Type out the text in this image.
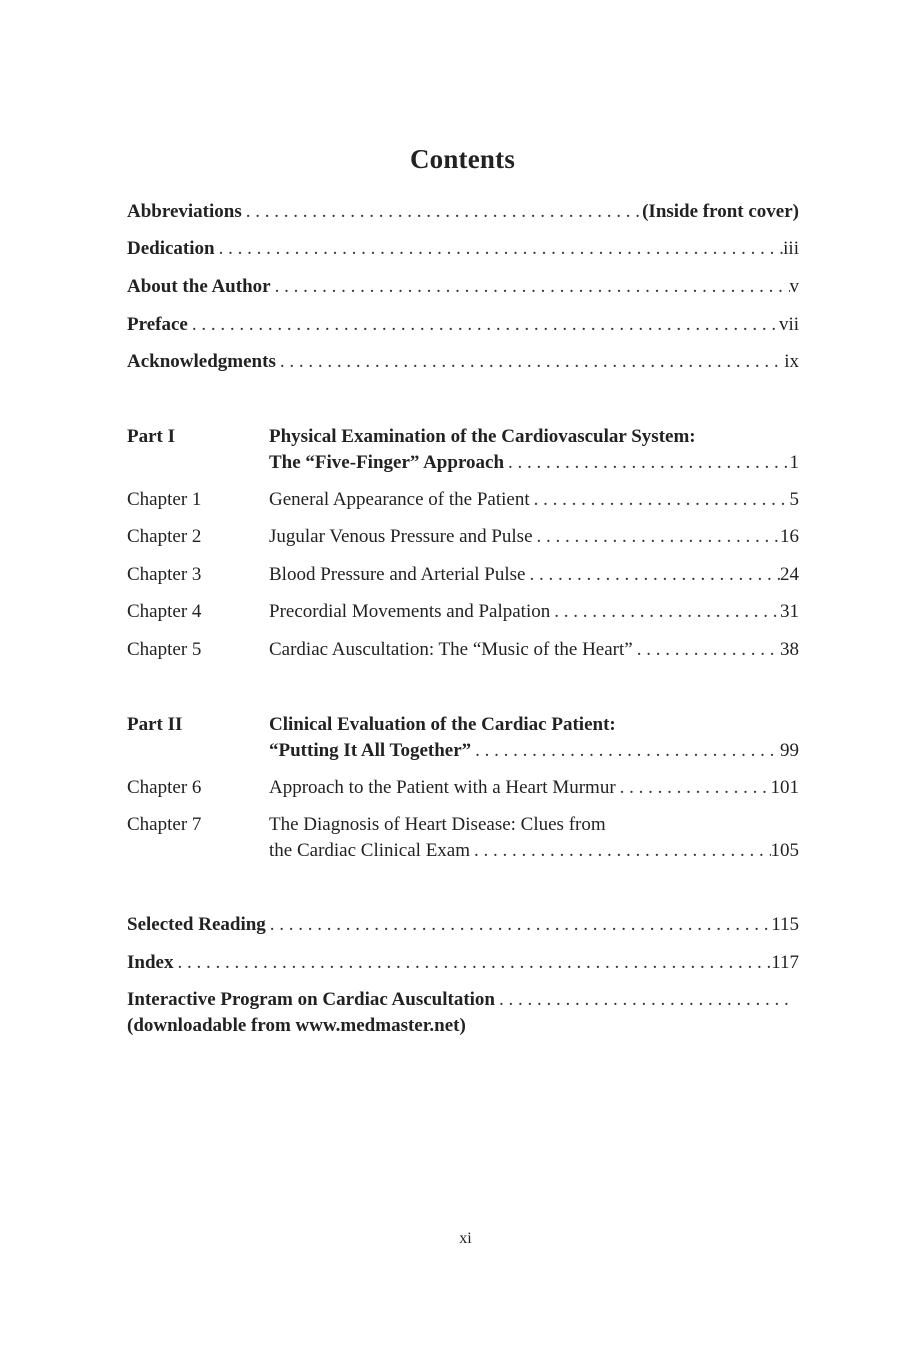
Contents
Abbreviations . . .	(Inside front cover)
Dedication . . .	iii
About the Author . . .	v
Preface . . .	vii
Acknowledgments . . .	ix
Part I	Physical Examination of the Cardiovascular System:
The “Five-Finger” Approach . . .	1
Chapter 1	General Appearance of the Patient . . .	5
Chapter 2	Jugular Venous Pressure and Pulse . . .	16
Chapter 3	Blood Pressure and Arterial Pulse . . .	24
Chapter 4	Precordial Movements and Palpation . . .	31
Chapter 5	Cardiac Auscultation: The “Music of the Heart” . . .	38
Part II	Clinical Evaluation of the Cardiac Patient:
“Putting It All Together” . . .	99
Chapter 6	Approach to the Patient with a Heart Murmur . . .	101
Chapter 7	The Diagnosis of Heart Disease: Clues from
the Cardiac Clinical Exam . . .	105
Selected Reading . . .	115
Index . . .	117
Interactive Program on Cardiac Auscultation
. . .
(downloadable from www.medmaster.net)
xi
